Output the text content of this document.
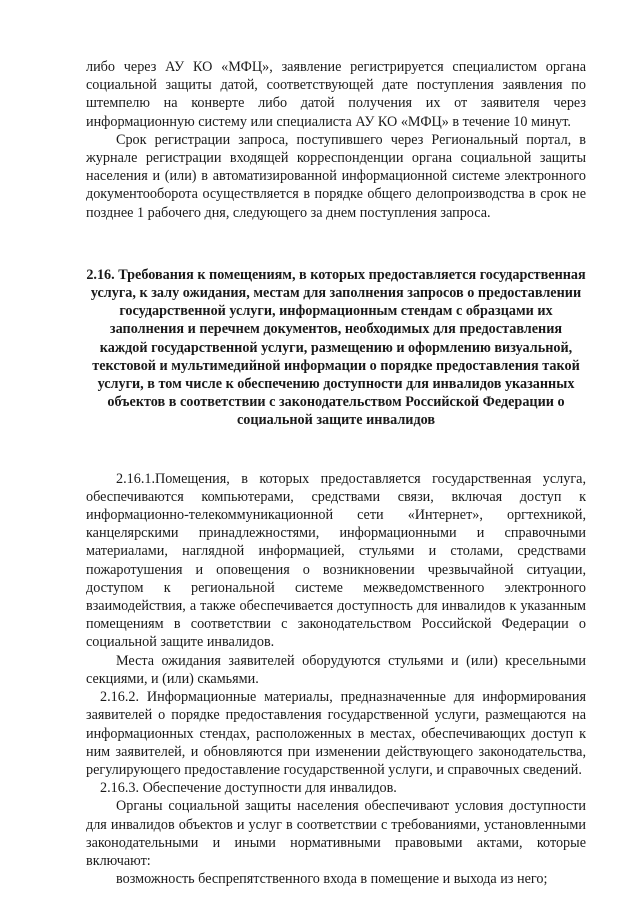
либо через АУ КО «МФЦ», заявление регистрируется специалистом органа социальной защиты датой, соответствующей дате поступления заявления по штемпелю на конверте либо датой получения их от заявителя через информационную систему или специалиста АУ КО «МФЦ» в течение 10 минут.

Срок регистрации запроса, поступившего через Региональный портал, в журнале регистрации входящей корреспонденции органа социальной защиты населения и (или) в автоматизированной информационной системе электронного документооборота осуществляется в порядке общего делопроизводства в срок не позднее 1 рабочего дня, следующего за днем поступления запроса.

2.16. Требования к помещениям, в которых предоставляется государственная услуга, к залу ожидания, местам для заполнения запросов о предоставлении государственной услуги, информационным стендам с образцами их заполнения и перечнем документов, необходимых для предоставления каждой государственной услуги, размещению и оформлению визуальной, текстовой и мультимедийной информации о порядке предоставления такой услуги, в том числе к обеспечению доступности для инвалидов указанных объектов в соответствии с законодательством Российской Федерации о социальной защите инвалидов

2.16.1.Помещения, в которых предоставляется государственная услуга, обеспечиваются компьютерами, средствами связи, включая доступ к информационно-телекоммуникационной сети «Интернет», оргтехникой, канцелярскими принадлежностями, информационными и справочными материалами, наглядной информацией, стульями и столами, средствами пожаротушения и оповещения о возникновении чрезвычайной ситуации, доступом к региональной системе межведомственного электронного взаимодействия, а также обеспечивается доступность для инвалидов к указанным помещениям в соответствии с законодательством Российской Федерации о социальной защите инвалидов.

Места ожидания заявителей оборудуются стульями и (или) кресельными секциями, и (или) скамьями.

2.16.2. Информационные материалы, предназначенные для информирования заявителей о порядке предоставления государственной услуги, размещаются на информационных стендах, расположенных в местах, обеспечивающих доступ к ним заявителей, и обновляются при изменении действующего законодательства, регулирующего предоставление государственной услуги, и справочных сведений.

2.16.3. Обеспечение доступности для инвалидов.

Органы социальной защиты населения обеспечивают условия доступности для инвалидов объектов и услуг в соответствии с требованиями, установленными законодательными и иными нормативными правовыми актами, которые включают:

возможность беспрепятственного входа в помещение и выхода из него;
